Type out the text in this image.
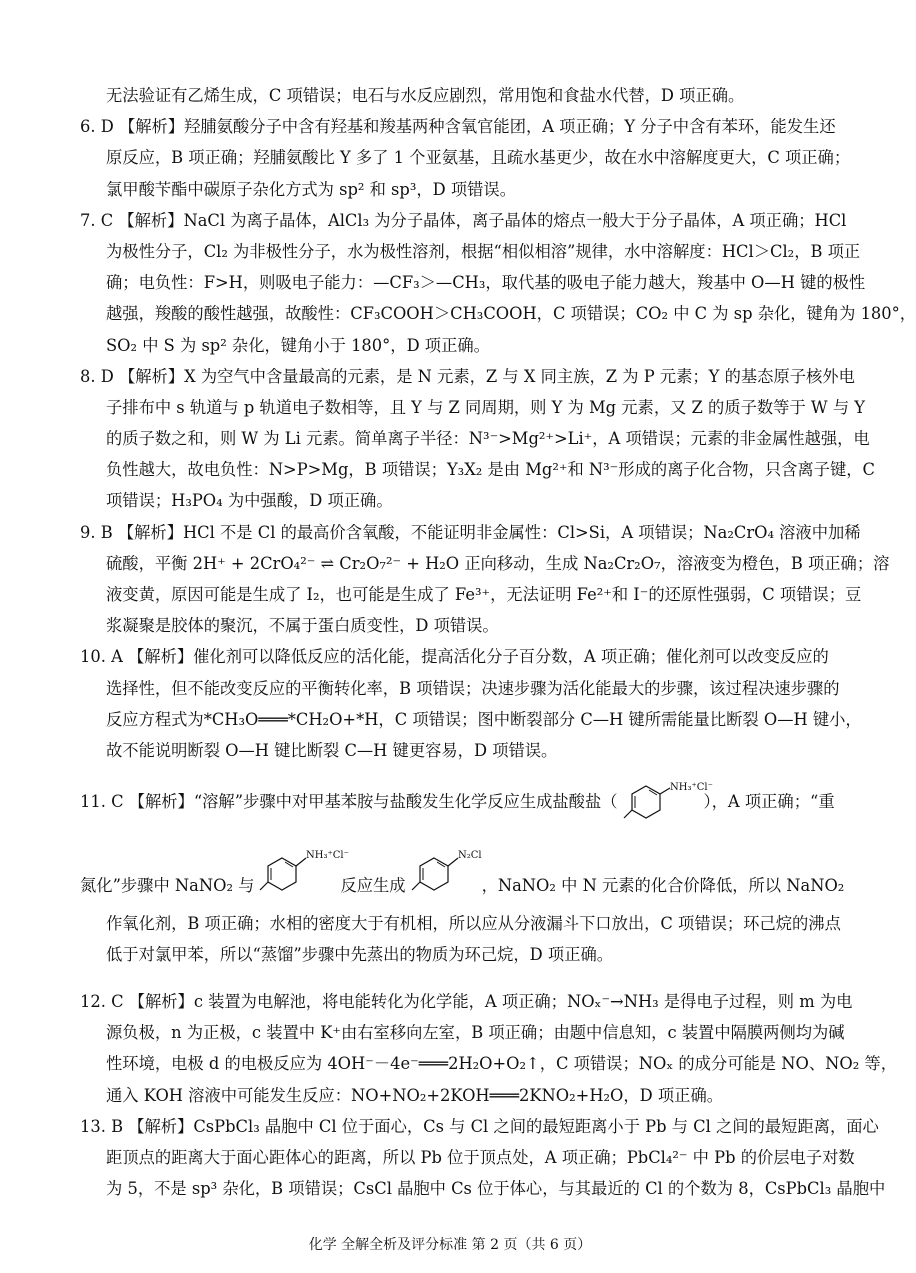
无法验证有乙烯生成，C 项错误；电石与水反应剧烈，常用饱和食盐水代替，D 项正确。
6. D 【解析】羟脯氨酸分子中含有羟基和羧基两种含氧官能团，A 项正确；Y 分子中含有苯环，能发生还
原反应，B 项正确；羟脯氨酸比 Y 多了 1 个亚氨基，且疏水基更少，故在水中溶解度更大，C 项正确；
氯甲酸苄酯中碳原子杂化方式为 sp² 和 sp³，D 项错误。
7. C 【解析】NaCl 为离子晶体，AlCl₃ 为分子晶体，离子晶体的熔点一般大于分子晶体，A 项正确；HCl
为极性分子，Cl₂ 为非极性分子，水为极性溶剂，根据“相似相溶”规律，水中溶解度：HCl＞Cl₂，B 项正
确；电负性：F>H，则吸电子能力：—CF₃＞—CH₃，取代基的吸电子能力越大，羧基中 O—H 键的极性
越强，羧酸的酸性越强，故酸性：CF₃COOH＞CH₃COOH，C 项错误；CO₂ 中 C 为 sp 杂化，键角为 180°，
SO₂ 中 S 为 sp² 杂化，键角小于 180°，D 项正确。
8. D 【解析】X 为空气中含量最高的元素，是 N 元素，Z 与 X 同主族，Z 为 P 元素；Y 的基态原子核外电
子排布中 s 轨道与 p 轨道电子数相等，且 Y 与 Z 同周期，则 Y 为 Mg 元素，又 Z 的质子数等于 W 与 Y
的质子数之和，则 W 为 Li 元素。简单离子半径：N³⁻>Mg²⁺>Li⁺，A 项错误；元素的非金属性越强，电
负性越大，故电负性：N>P>Mg，B 项错误；Y₃X₂ 是由 Mg²⁺和 N³⁻形成的离子化合物，只含离子键，C
项错误；H₃PO₄ 为中强酸，D 项正确。
9. B 【解析】HCl 不是 Cl 的最高价含氧酸，不能证明非金属性：Cl>Si，A 项错误；Na₂CrO₄ 溶液中加稀
硫酸，平衡 2H⁺ + 2CrO₄²⁻ ⇌ Cr₂O₇²⁻ + H₂O 正向移动，生成 Na₂Cr₂O₇，溶液变为橙色，B 项正确；溶
液变黄，原因可能是生成了 I₂，也可能是生成了 Fe³⁺，无法证明 Fe²⁺和 I⁻的还原性强弱，C 项错误；豆
浆凝聚是胶体的聚沉，不属于蛋白质变性，D 项错误。
10. A 【解析】催化剂可以降低反应的活化能，提高活化分子百分数，A 项正确；催化剂可以改变反应的
选择性，但不能改变反应的平衡转化率，B 项错误；决速步骤为活化能最大的步骤，该过程决速步骤的
反应方程式为*CH₃O═══*CH₂O+*H，C 项错误；图中断裂部分 C—H 键所需能量比断裂 O—H 键小，
故不能说明断裂 O—H 键比断裂 C—H 键更容易，D 项错误。
11. C 【解析】“溶解”步骤中对甲基苯胺与盐酸发生化学反应生成盐酸盐（
NH₃⁺Cl⁻
），A 项正确；“重
氮化”步骤中 NaNO₂ 与
NH₃⁺Cl⁻
反应生成
N₂Cl
，NaNO₂ 中 N 元素的化合价降低，所以 NaNO₂
作氧化剂，B 项正确；水相的密度大于有机相，所以应从分液漏斗下口放出，C 项错误；环己烷的沸点
低于对氯甲苯，所以“蒸馏”步骤中先蒸出的物质为环己烷，D 项正确。
12. C 【解析】c 装置为电解池，将电能转化为化学能，A 项正确；NOₓ⁻→NH₃ 是得电子过程，则 m 为电
源负极，n 为正极，c 装置中 K⁺由右室移向左室，B 项正确；由题中信息知，c 装置中隔膜两侧均为碱
性环境，电极 d 的电极反应为 4OH⁻－4e⁻═══2H₂O+O₂↑，C 项错误；NOₓ 的成分可能是 NO、NO₂ 等，
通入 KOH 溶液中可能发生反应：NO+NO₂+2KOH═══2KNO₂+H₂O，D 项正确。
13. B 【解析】CsPbCl₃ 晶胞中 Cl 位于面心，Cs 与 Cl 之间的最短距离小于 Pb 与 Cl 之间的最短距离，面心
距顶点的距离大于面心距体心的距离，所以 Pb 位于顶点处，A 项正确；PbCl₄²⁻ 中 Pb 的价层电子对数
为 5，不是 sp³ 杂化，B 项错误；CsCl 晶胞中 Cs 位于体心，与其最近的 Cl 的个数为 8，CsPbCl₃ 晶胞中
化学 全解全析及评分标准 第 2 页（共 6 页）
